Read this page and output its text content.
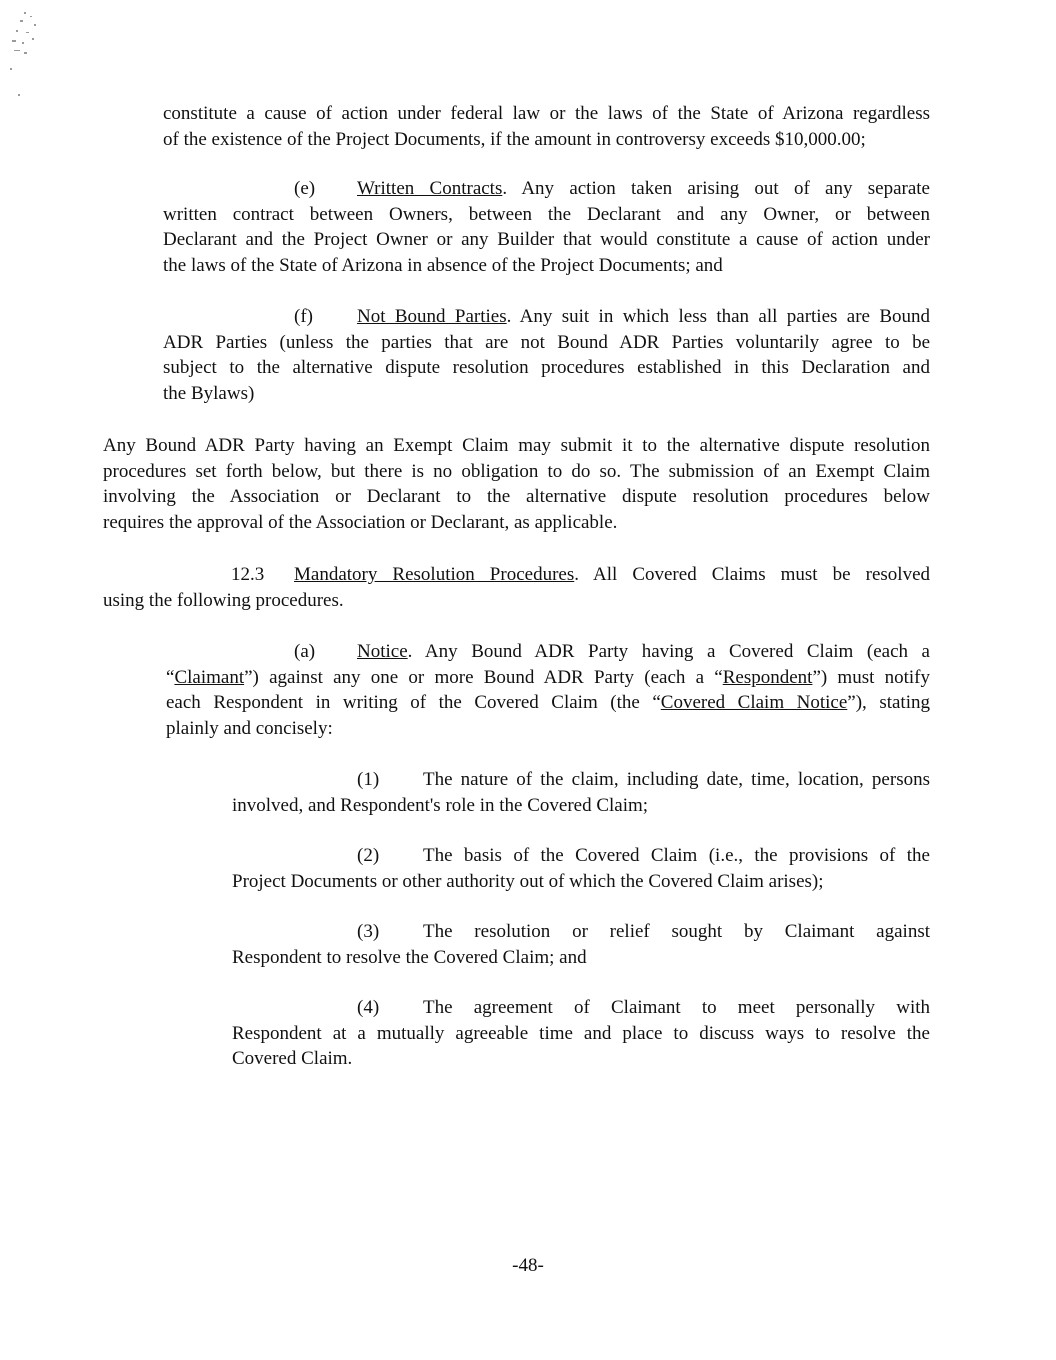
constitute a cause of action under federal law or the laws of the State of Arizona regardless
of the existence of the Project Documents, if the amount in controversy exceeds $10,000.00;
(e) Written Contracts. Any action taken arising out of any separate
written contract between Owners, between the Declarant and any Owner, or between
Declarant and the Project Owner or any Builder that would constitute a cause of action under
the laws of the State of Arizona in absence of the Project Documents; and
(f) Not Bound Parties. Any suit in which less than all parties are Bound
ADR Parties (unless the parties that are not Bound ADR Parties voluntarily agree to be
subject to the alternative dispute resolution procedures established in this Declaration and
the Bylaws)
Any Bound ADR Party having an Exempt Claim may submit it to the alternative dispute resolution
procedures set forth below, but there is no obligation to do so. The submission of an Exempt Claim
involving the Association or Declarant to the alternative dispute resolution procedures below
requires the approval of the Association or Declarant, as applicable.
12.3 Mandatory Resolution Procedures. All Covered Claims must be resolved
using the following procedures.
(a) Notice. Any Bound ADR Party having a Covered Claim (each a
“Claimant”) against any one or more Bound ADR Party (each a “Respondent”) must notify
each Respondent in writing of the Covered Claim (the “Covered Claim Notice”), stating
plainly and concisely:
(1) The nature of the claim, including date, time, location, persons
involved, and Respondent's role in the Covered Claim;
(2) The basis of the Covered Claim (i.e., the provisions of the
Project Documents or other authority out of which the Covered Claim arises);
(3) The resolution or relief sought by Claimant against
Respondent to resolve the Covered Claim; and
(4) The agreement of Claimant to meet personally with
Respondent at a mutually agreeable time and place to discuss ways to resolve the
Covered Claim.
-48-
